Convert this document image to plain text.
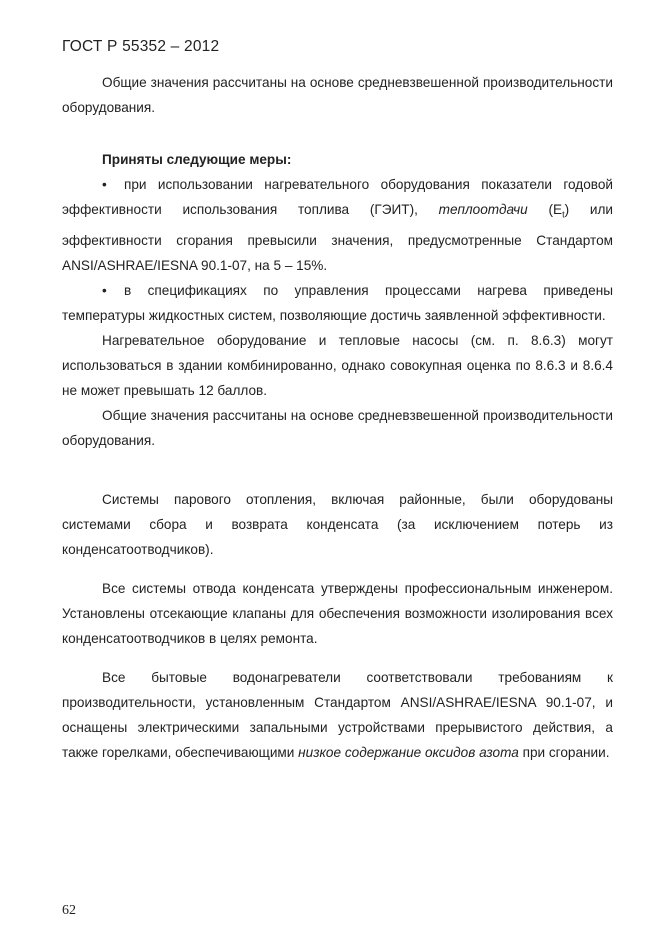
ГОСТ Р 55352 – 2012

Общие значения рассчитаны на основе средневзвешенной производительности оборудования.

Приняты следующие меры:

• при использовании нагревательного оборудования показатели годовой эффективности использования топлива (ГЭИТ), теплоотдачи $(E_t)$ или эффективности сгорания превысили значения, предусмотренные Стандартом ANSI/ASHRAE/IESNA 90.1-07, на 5 – 15%.

• в спецификациях по управления процессами нагрева приведены температуры жидкостных систем, позволяющие достичь заявленной эффективности.

Нагревательное оборудование и тепловые насосы (см. п. 8.6.3) могут использоваться в здании комбинированно, однако совокупная оценка по 8.6.3 и 8.6.4 не может превышать 12 баллов.

Общие значения рассчитаны на основе средневзвешенной производительности оборудования.

Системы парового отопления, включая районные, были оборудованы системами сбора и возврата конденсата (за исключением потерь из конденсатоотводчиков).

Все системы отвода конденсата утверждены профессиональным инженером. Установлены отсекающие клапаны для обеспечения возможности изолирования всех конденсатоотводчиков в целях ремонта.

Все бытовые водонагреватели соответствовали требованиям к производительности, установленным Стандартом ANSI/ASHRAE/IESNA 90.1-07, и оснащены электрическими запальными устройствами прерывистого действия, а также горелками, обеспечивающими низкое содержание оксидов азота при сгорании.

62
